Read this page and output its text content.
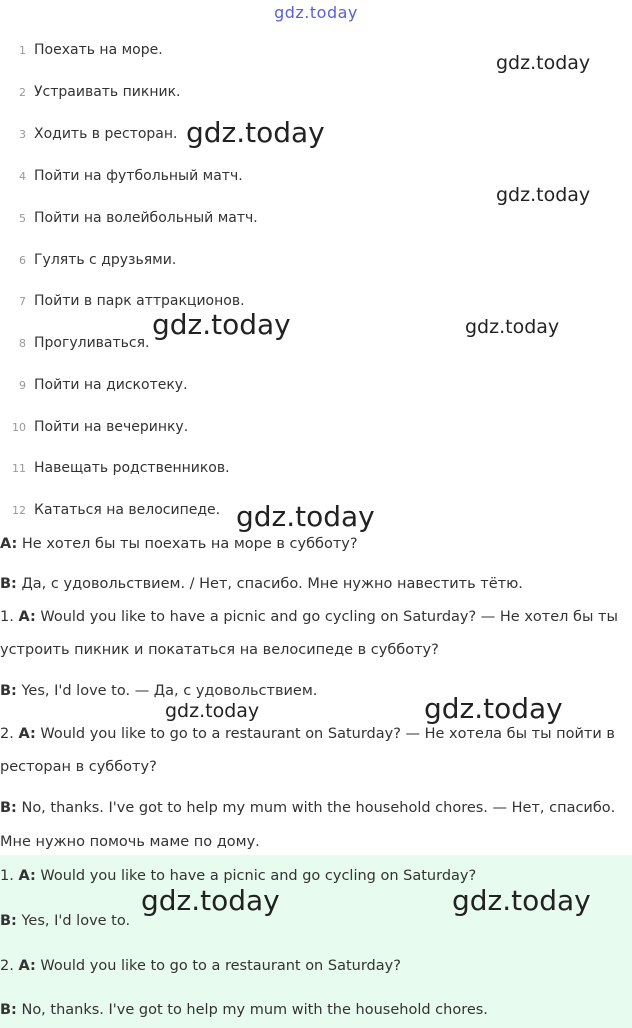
gdz.today
1 Поехать на море.
2 Устраивать пикник.
3 Ходить в ресторан.
4 Пойти на футбольный матч.
5 Пойти на волейбольный матч.
6 Гулять с друзьями.
7 Пойти в парк аттракционов.
8 Прогуливаться.
9 Пойти на дискотеку.
10 Пойти на вечеринку.
11 Навещать родственников.
12 Кататься на велосипеде.
A: Не хотел бы ты поехать на море в субботу?
B: Да, с удовольствием. / Нет, спасибо. Мне нужно навестить тётю.
1. A: Would you like to have a picnic and go cycling on Saturday? — Не хотел бы ты
устроить пикник и покататься на велосипеде в субботу?
B: Yes, I'd love to. — Да, с удовольствием.
2. A: Would you like to go to a restaurant on Saturday? — Не хотела бы ты пойти в
ресторан в субботу?
B: No, thanks. I've got to help my mum with the household chores. — Нет, спасибо.
Мне нужно помочь маме по дому.
1. A: Would you like to have a picnic and go cycling on Saturday?
B: Yes, I'd love to.
2. A: Would you like to go to a restaurant on Saturday?
B: No, thanks. I've got to help my mum with the household chores.
gdz.today
gdz.today
gdz.today
gdz.today	gdz.today
gdz.today
gdz.today	gdz.today
gdz.today	gdz.today
